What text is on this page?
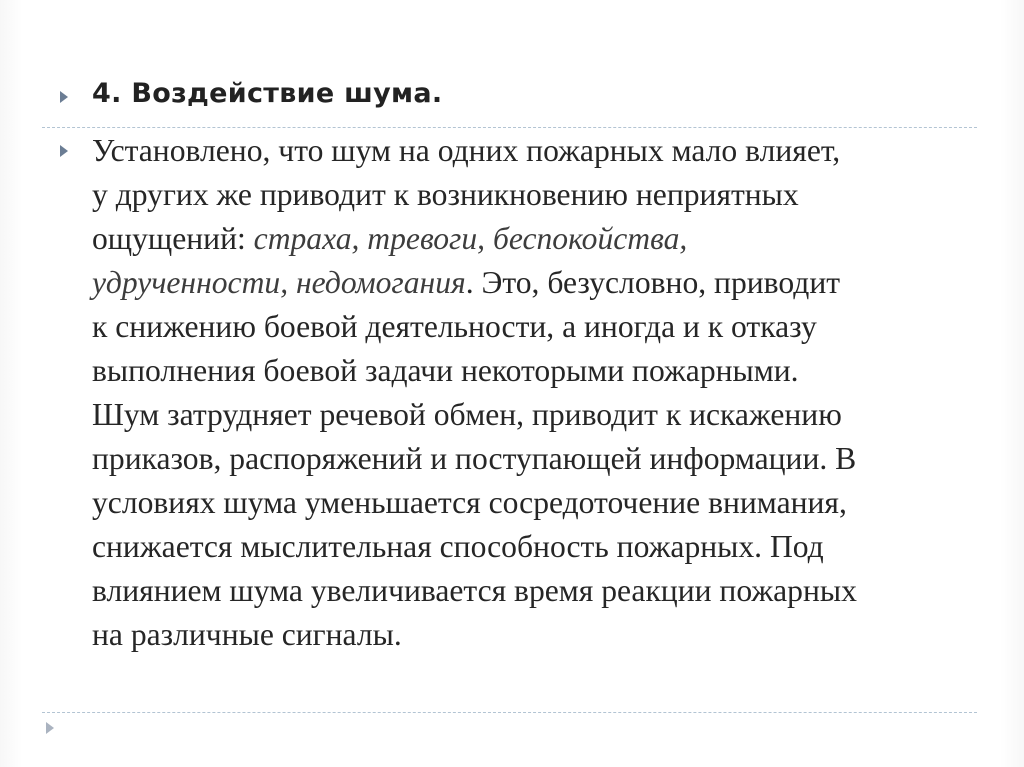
4. Воздействие шума.
Установлено, что шум на одних пожарных мало влияет,
у других же приводит к возникновению неприятных
ощущений: страха, тревоги, беспокойства,
удрученности, недомогания. Это, безусловно, приводит
к снижению боевой деятельности, а иногда и к отказу
выполнения боевой задачи некоторыми пожарными.
Шум затрудняет речевой обмен, приводит к искажению
приказов, распоряжений и поступающей информации. В
условиях шума уменьшается сосредоточение внимания,
снижается мыслительная способность пожарных. Под
влиянием шума увеличивается время реакции пожарных
на различные сигналы.
